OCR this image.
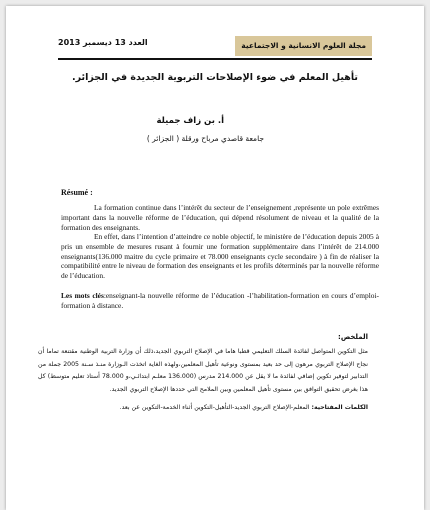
مجلة العلوم الانسانية و الاجتماعية
العدد 13 ديسمبر 2013
تأهيل المعلم في ضوء الإصلاحات التربوية الجديدة في الجزائر.
أ. بن زاف جميلة
جامعة قاصدي مرباح ورقلة ( الجزائر )
Résumé :
La formation continue dans l’intérêt du secteur de l’enseignement ,représente un pole extrêmes important dans la nouvelle réforme de l’éducation, qui dépend résolument de niveau et la qualité de la formation des enseignants.
En effet, dans l’intention d’atteindre ce noble objectif, le ministère de l’éducation depuis 2005 à pris un ensemble de mesures rusant à fournir une formation supplémentaire dans l’intérêt de 214.000 enseignants(136.000 maitre du cycle primaire et 78.000 enseignants cycle secondaire ) à fin de réaliser la compatibilité entre le niveau de formation des enseignants et les profils déterminés par la nouvelle réforme de l’éducation.
Les mots clés:enseignant-la nouvelle réforme de l’éducation -l’habilitation-formation en cours d’emploi-formation à distance.
الملخص:
مثل التكوين المتواصل لفائدة السلك التعليمي قطبا هاما في الإصلاح التربوي الجديد،ذلك أن وزارة التربية الوطنية مقتنعة تماما أن نجاح الإصلاح التربوي مرهون إلى حد بعيد بمستوى ونوعية تأهيل المعلمين،ولهذه الغاية اتخذت الـوزارة منـذ سـنة 2005 جملة من التدابير لتوفير تكوين إضافي لفائدة ما لا يقل عن 214.000 مدرس (136.000 معلـم ابتدائـي،و 78.000 أستاذ تعليم متوسط) كل هذا بغرض تحقيق التوافق بين مستوى تأهيل المعلمين وبين الملامح التي حددها الإصلاح التربوي الجديد.
الكلمات المفتاحية: المعلم-الإصلاح التربوي الجديد-التأهيل-التكوين أثناء الخدمة-التكوين عن بعد.
